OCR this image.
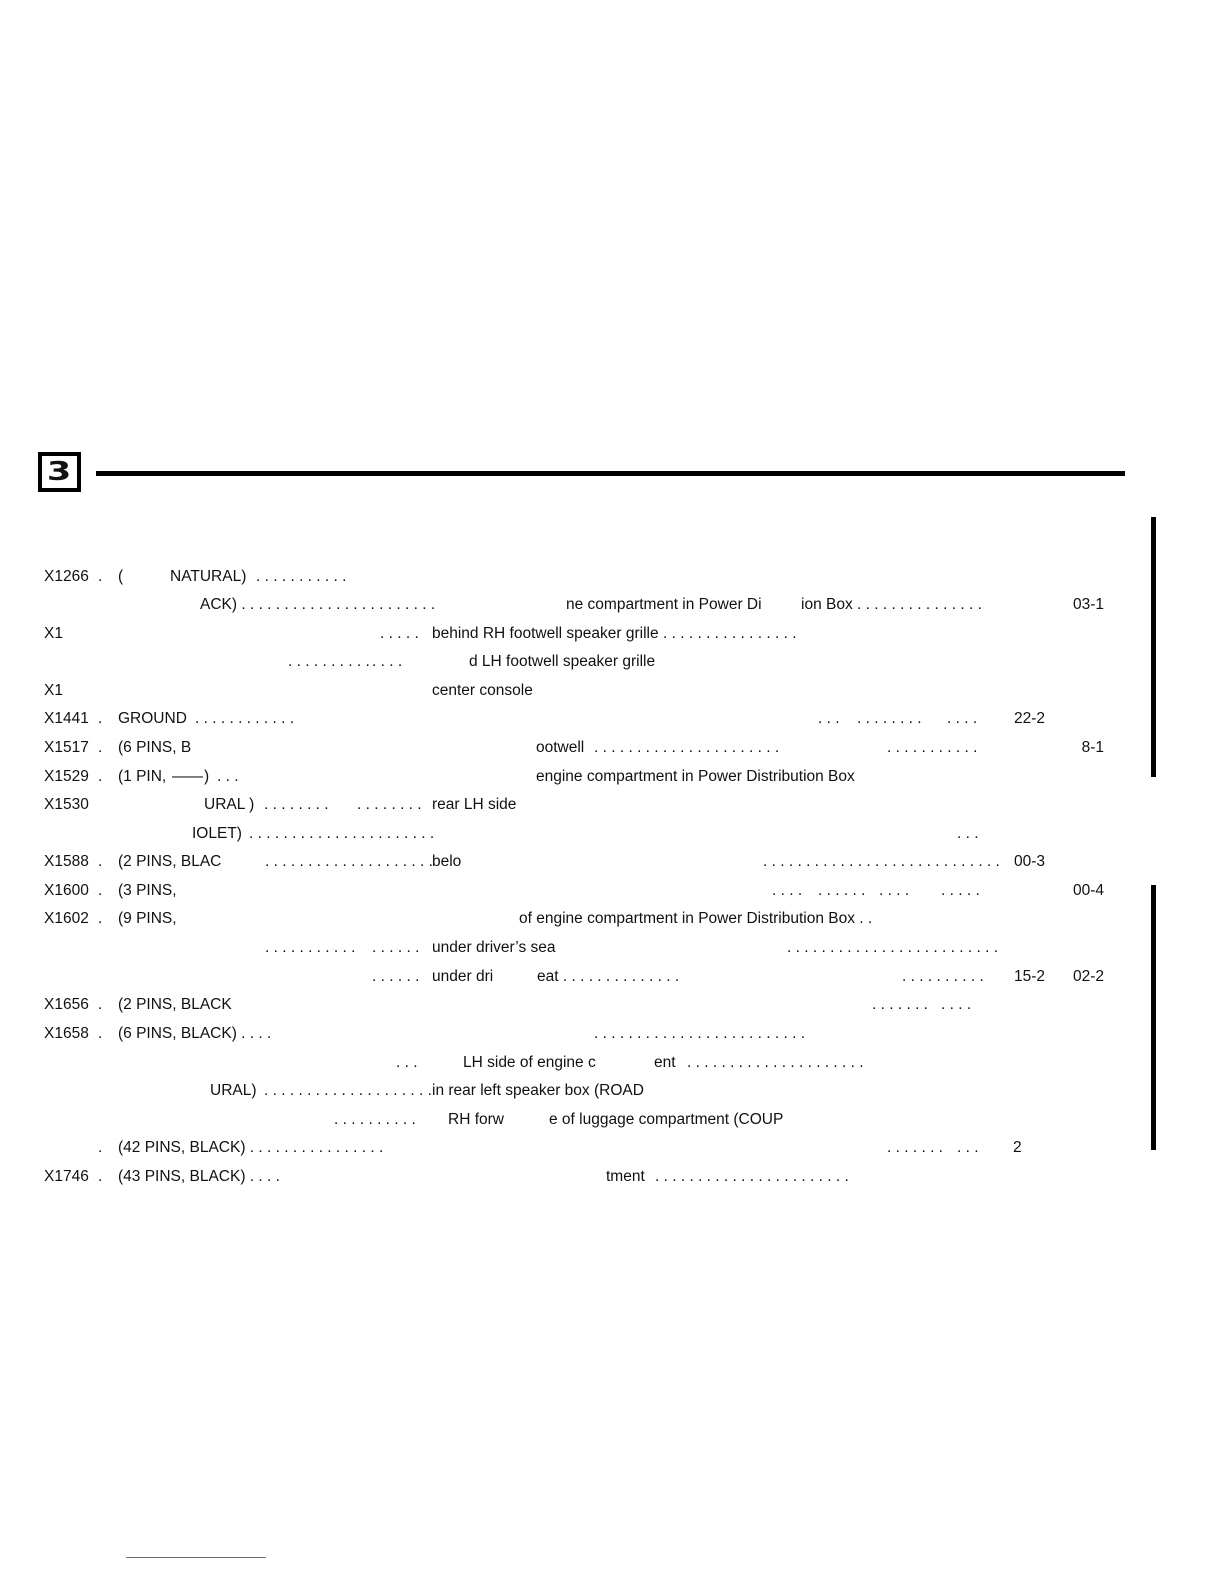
3
X1266 . (	NATURAL) . . . . . . . . . . .
ACK) . . . . . . . . . . . . . . . . . . . . . . .	ne compartment in Power Di	ion Box . . . . . . . . . . . . . . .	03-1
X1	. . . . . behind RH footwell speaker grille . . . . . . . . . . . . . . . .
. . . . . . . . . . . . . .	d LH footwell speaker grille
X1	center console
X1441 . GROUND . . . . . . . . . . . .	. . . . . . . . . . . . . . . 22-2
X1517 . (6 PINS, B	ootwell . . . . . . . . . . . . . . . . . . . . . .	. . . . . . . . . . .	8-1
X1529 . (1 PIN, —— ) . . .	engine compartment in Power Distribution Box
X1530	URAL ) . . . . . . . . . . . . . . . . rear LH side
IOLET) . . . . . . . . . . . . . . . . . . . . . .	. . .
X1588 . (2 PINS, BLAC	. . . . . . . . . . . . . . . . . . . . belo	. . . . . . . . . . . . . . . . . . . . . . . . . . . . 00-3
X1600 . (3 PINS,	. . . . . . . . . . . . . . . . . . .	00-4
X1602 . (9 PINS,	of engine compartment in Power Distribution Box . .
. . . . . . . . . . . . . . . . . under driver’s sea	. . . . . . . . . . . . . . . . . . . . . . . . .
. . . . . . under dri	eat . . . . . . . . . . . . . .	. . . . . . . . . . 15-2 02-2
X1656 . (2 PINS, BLACK	. . . . . . . . . . .
X1658 . (6 PINS, BLACK) . . . .	. . . . . . . . . . . . . . . . . . . . . . . . .
. . .	LH side of engine c	ent . . . . . . . . . . . . . . . . . . . . .
URAL) . . . . . . . . . . . . . . . . . . . . in rear left speaker box (ROAD
. . . . . . . . . . RH forw	e of luggage compartment (COUP
. (42 PINS, BLACK) . . . . . . . . . . . . . . . .	. . . . . . . . . . 2
X1746 . (43 PINS, BLACK) . . . .	tment . . . . . . . . . . . . . . . . . . . . . . .
